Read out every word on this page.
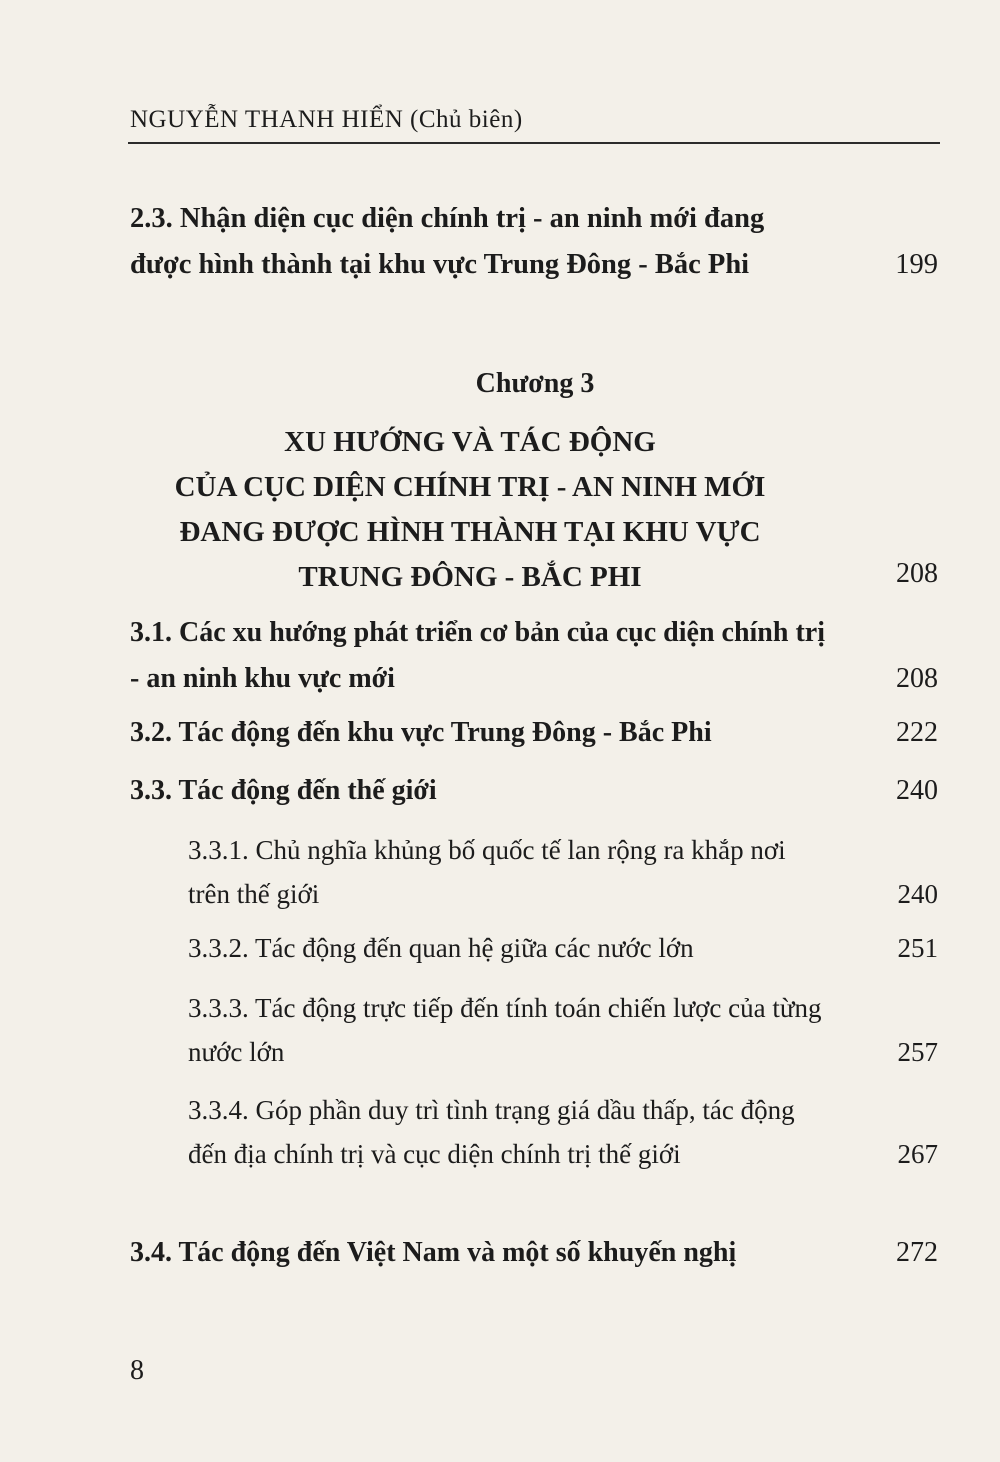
NGUYỄN THANH HIỂN (Chủ biên)
2.3. Nhận diện cục diện chính trị - an ninh mới đang được hình thành tại khu vực Trung Đông - Bắc Phi	199
Chương 3
XU HƯỚNG VÀ TÁC ĐỘNG
CỦA CỤC DIỆN CHÍNH TRỊ - AN NINH MỚI
ĐANG ĐƯỢC HÌNH THÀNH TẠI KHU VỰC
TRUNG ĐÔNG - BẮC PHI	208
3.1. Các xu hướng phát triển cơ bản của cục diện chính trị - an ninh khu vực mới	208
3.2. Tác động đến khu vực Trung Đông - Bắc Phi	222
3.3. Tác động đến thế giới	240
3.3.1. Chủ nghĩa khủng bố quốc tế lan rộng ra khắp nơi trên thế giới	240
3.3.2. Tác động đến quan hệ giữa các nước lớn	251
3.3.3. Tác động trực tiếp đến tính toán chiến lược của từng nước lớn	257
3.3.4. Góp phần duy trì tình trạng giá dầu thấp, tác động đến địa chính trị và cục diện chính trị thế giới	267
3.4. Tác động đến Việt Nam và một số khuyến nghị	272
8
